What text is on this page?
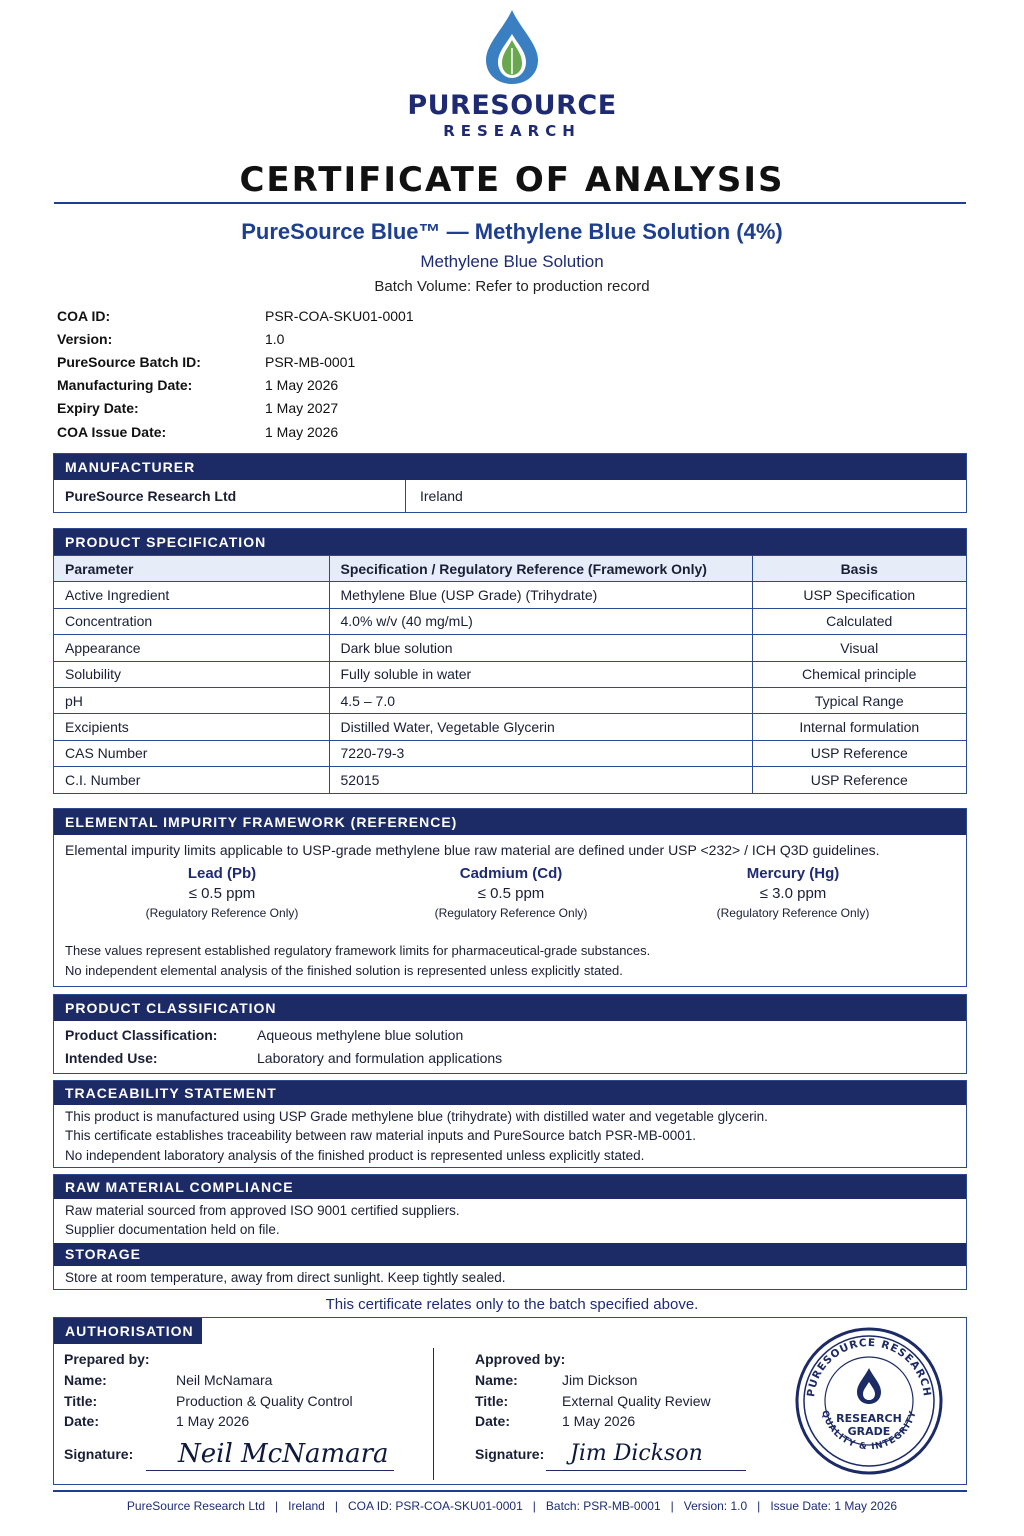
PURESOURCE
RESEARCH
CERTIFICATE OF ANALYSIS
PureSource Blue™ — Methylene Blue Solution (4%)
Methylene Blue Solution
Batch Volume: Refer to production record
COA ID:	PSR-COA-SKU01-0001
Version:	1.0
PureSource Batch ID:	PSR-MB-0001
Manufacturing Date:	1 May 2026
Expiry Date:	1 May 2027
COA Issue Date:	1 May 2026
MANUFACTURER
PureSource Research Ltd	Ireland
PRODUCT SPECIFICATION
Parameter	Specification / Regulatory Reference (Framework Only)	Basis
Active Ingredient	Methylene Blue (USP Grade) (Trihydrate)	USP Specification
Concentration	4.0% w/v (40 mg/mL)	Calculated
Appearance	Dark blue solution	Visual
Solubility	Fully soluble in water	Chemical principle
pH	4.5 – 7.0	Typical Range
Excipients	Distilled Water, Vegetable Glycerin	Internal formulation
CAS Number	7220-79-3	USP Reference
C.I. Number	52015	USP Reference
ELEMENTAL IMPURITY FRAMEWORK (REFERENCE)
Elemental impurity limits applicable to USP-grade methylene blue raw material are defined under USP <232> / ICH Q3D guidelines.
Lead (Pb)
≤ 0.5 ppm
(Regulatory Reference Only)
Cadmium (Cd)
≤ 0.5 ppm
(Regulatory Reference Only)
Mercury (Hg)
≤ 3.0 ppm
(Regulatory Reference Only)
These values represent established regulatory framework limits for pharmaceutical-grade substances.
No independent elemental analysis of the finished solution is represented unless explicitly stated.
PRODUCT CLASSIFICATION
Product Classification:	Aqueous methylene blue solution
Intended Use:	Laboratory and formulation applications
TRACEABILITY STATEMENT
This product is manufactured using USP Grade methylene blue (trihydrate) with distilled water and vegetable glycerin.
This certificate establishes traceability between raw material inputs and PureSource batch PSR-MB-0001.
No independent laboratory analysis of the finished product is represented unless explicitly stated.
RAW MATERIAL COMPLIANCE
Raw material sourced from approved ISO 9001 certified suppliers.
Supplier documentation held on file.
STORAGE
Store at room temperature, away from direct sunlight. Keep tightly sealed.
This certificate relates only to the batch specified above.
AUTHORISATION
Prepared by:
Name:	Neil McNamara
Title:	Production & Quality Control
Date:	1 May 2026
Signature:	Neil McNamara
Approved by:
Name:	Jim Dickson
Title:	External Quality Review
Date:	1 May 2026
Signature:	Jim Dickson
PURESOURCE RESEARCH
QUALITY & INTEGRITY
RESEARCH
GRADE
PureSource Research Ltd | Ireland | COA ID: PSR-COA-SKU01-0001 | Batch: PSR-MB-0001 | Version: 1.0 | Issue Date: 1 May 2026
